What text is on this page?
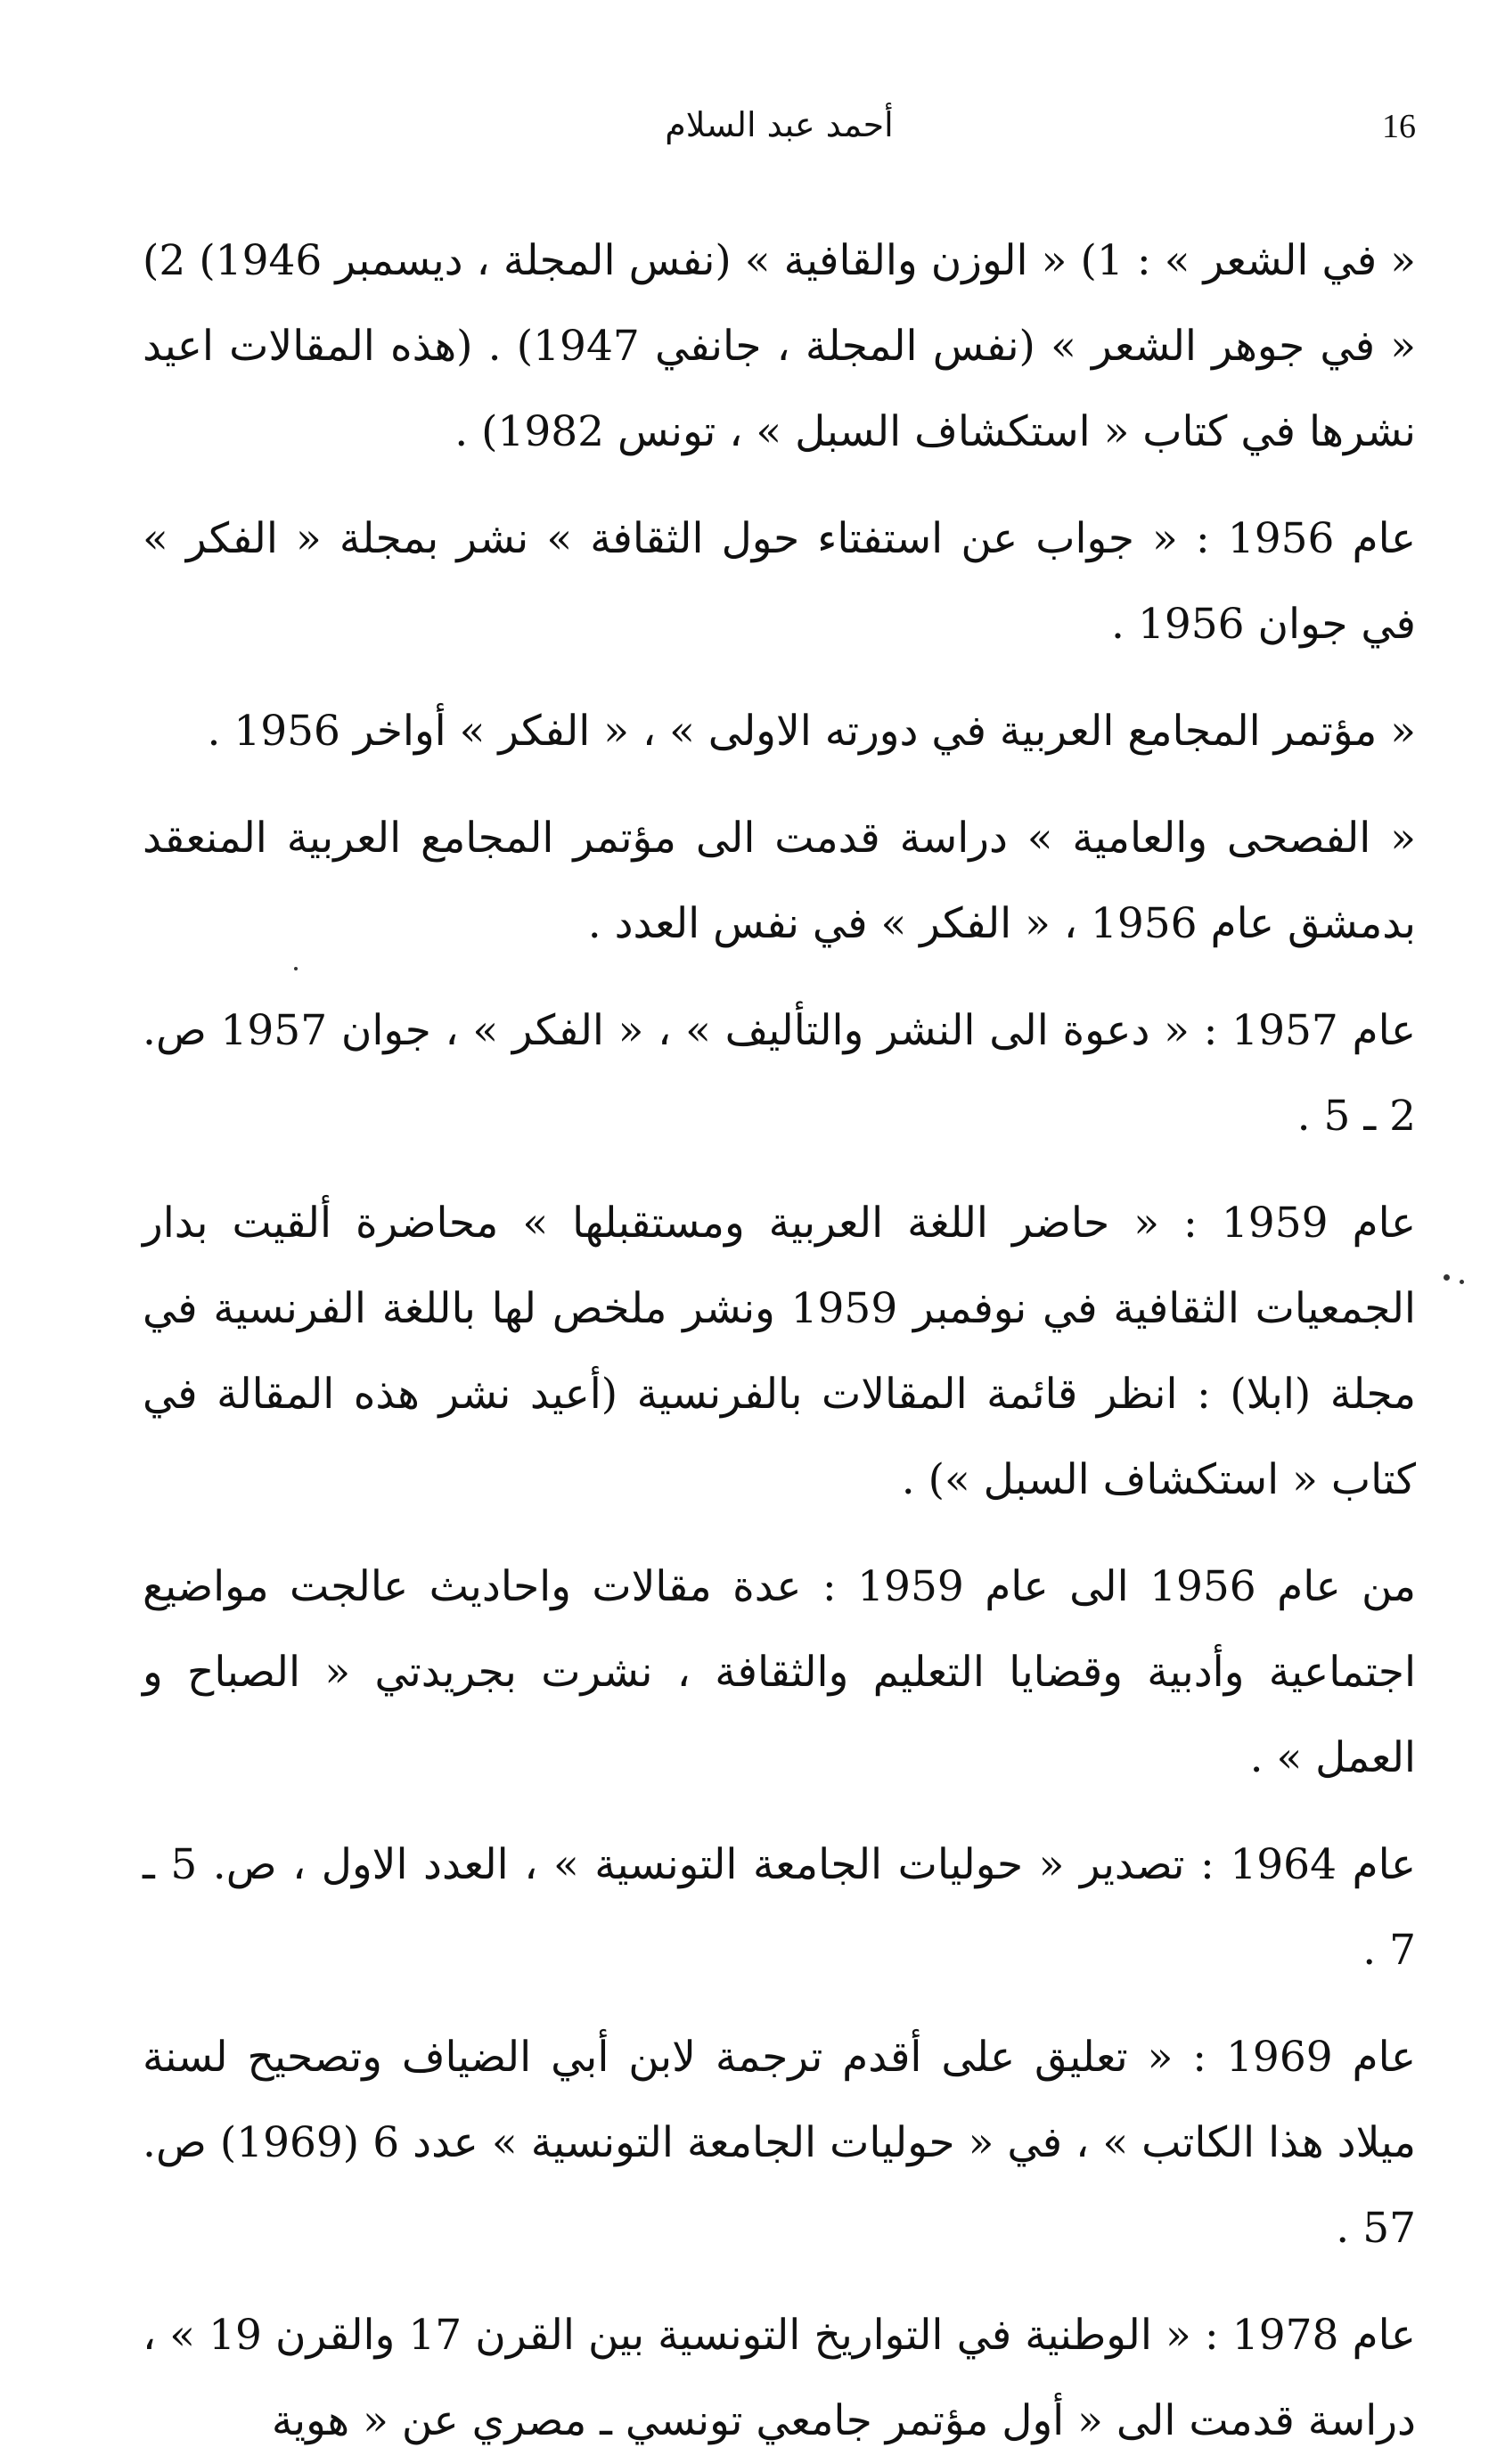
أحمد عبد السلام	16

« في الشعر » : 1) « الوزن والقافية » (نفس المجلة ، ديسمبر 1946) 2) « في جوهر الشعر » (نفس المجلة ، جانفي 1947) . (هذه المقالات اعيد نشرها في كتاب « استكشاف السبل » ، تونس 1982) .

عام 1956 : « جواب عن استفتاء حول الثقافة » نشر بمجلة « الفكر » في جوان 1956 .

« مؤتمر المجامع العربية في دورته الاولى » ، « الفكر » أواخر 1956 .

« الفصحى والعامية » دراسة قدمت الى مؤتمر المجامع العربية المنعقد بدمشق عام 1956 ، « الفكر » في نفس العدد .

عام 1957 : « دعوة الى النشر والتأليف » ، « الفكر » ، جوان 1957 ص. 2 ـ 5 .

عام 1959 : « حاضر اللغة العربية ومستقبلها » محاضرة ألقيت بدار الجمعيات الثقافية في نوفمبر 1959 ونشر ملخص لها باللغة الفرنسية في مجلة (ابلا) : انظر قائمة المقالات بالفرنسية (أعيد نشر هذه المقالة في كتاب « استكشاف السبل ») .

من عام 1956 الى عام 1959 : عدة مقالات واحاديث عالجت مواضيع اجتماعية وأدبية وقضايا التعليم والثقافة ، نشرت بجريدتي « الصباح و العمل » .

عام 1964 : تصدير « حوليات الجامعة التونسية » ، العدد الاول ، ص. 5 ـ 7 .

عام 1969 : « تعليق على أقدم ترجمة لابن أبي الضياف وتصحيح لسنة ميلاد هذا الكاتب » ، في « حوليات الجامعة التونسية » عدد 6 (1969) ص. 57 .

عام 1978 : « الوطنية في التواريخ التونسية بين القرن 17 والقرن 19 » ، دراسة قدمت الى « أول مؤتمر جامعي تونسي ـ مصري عن « هوية
